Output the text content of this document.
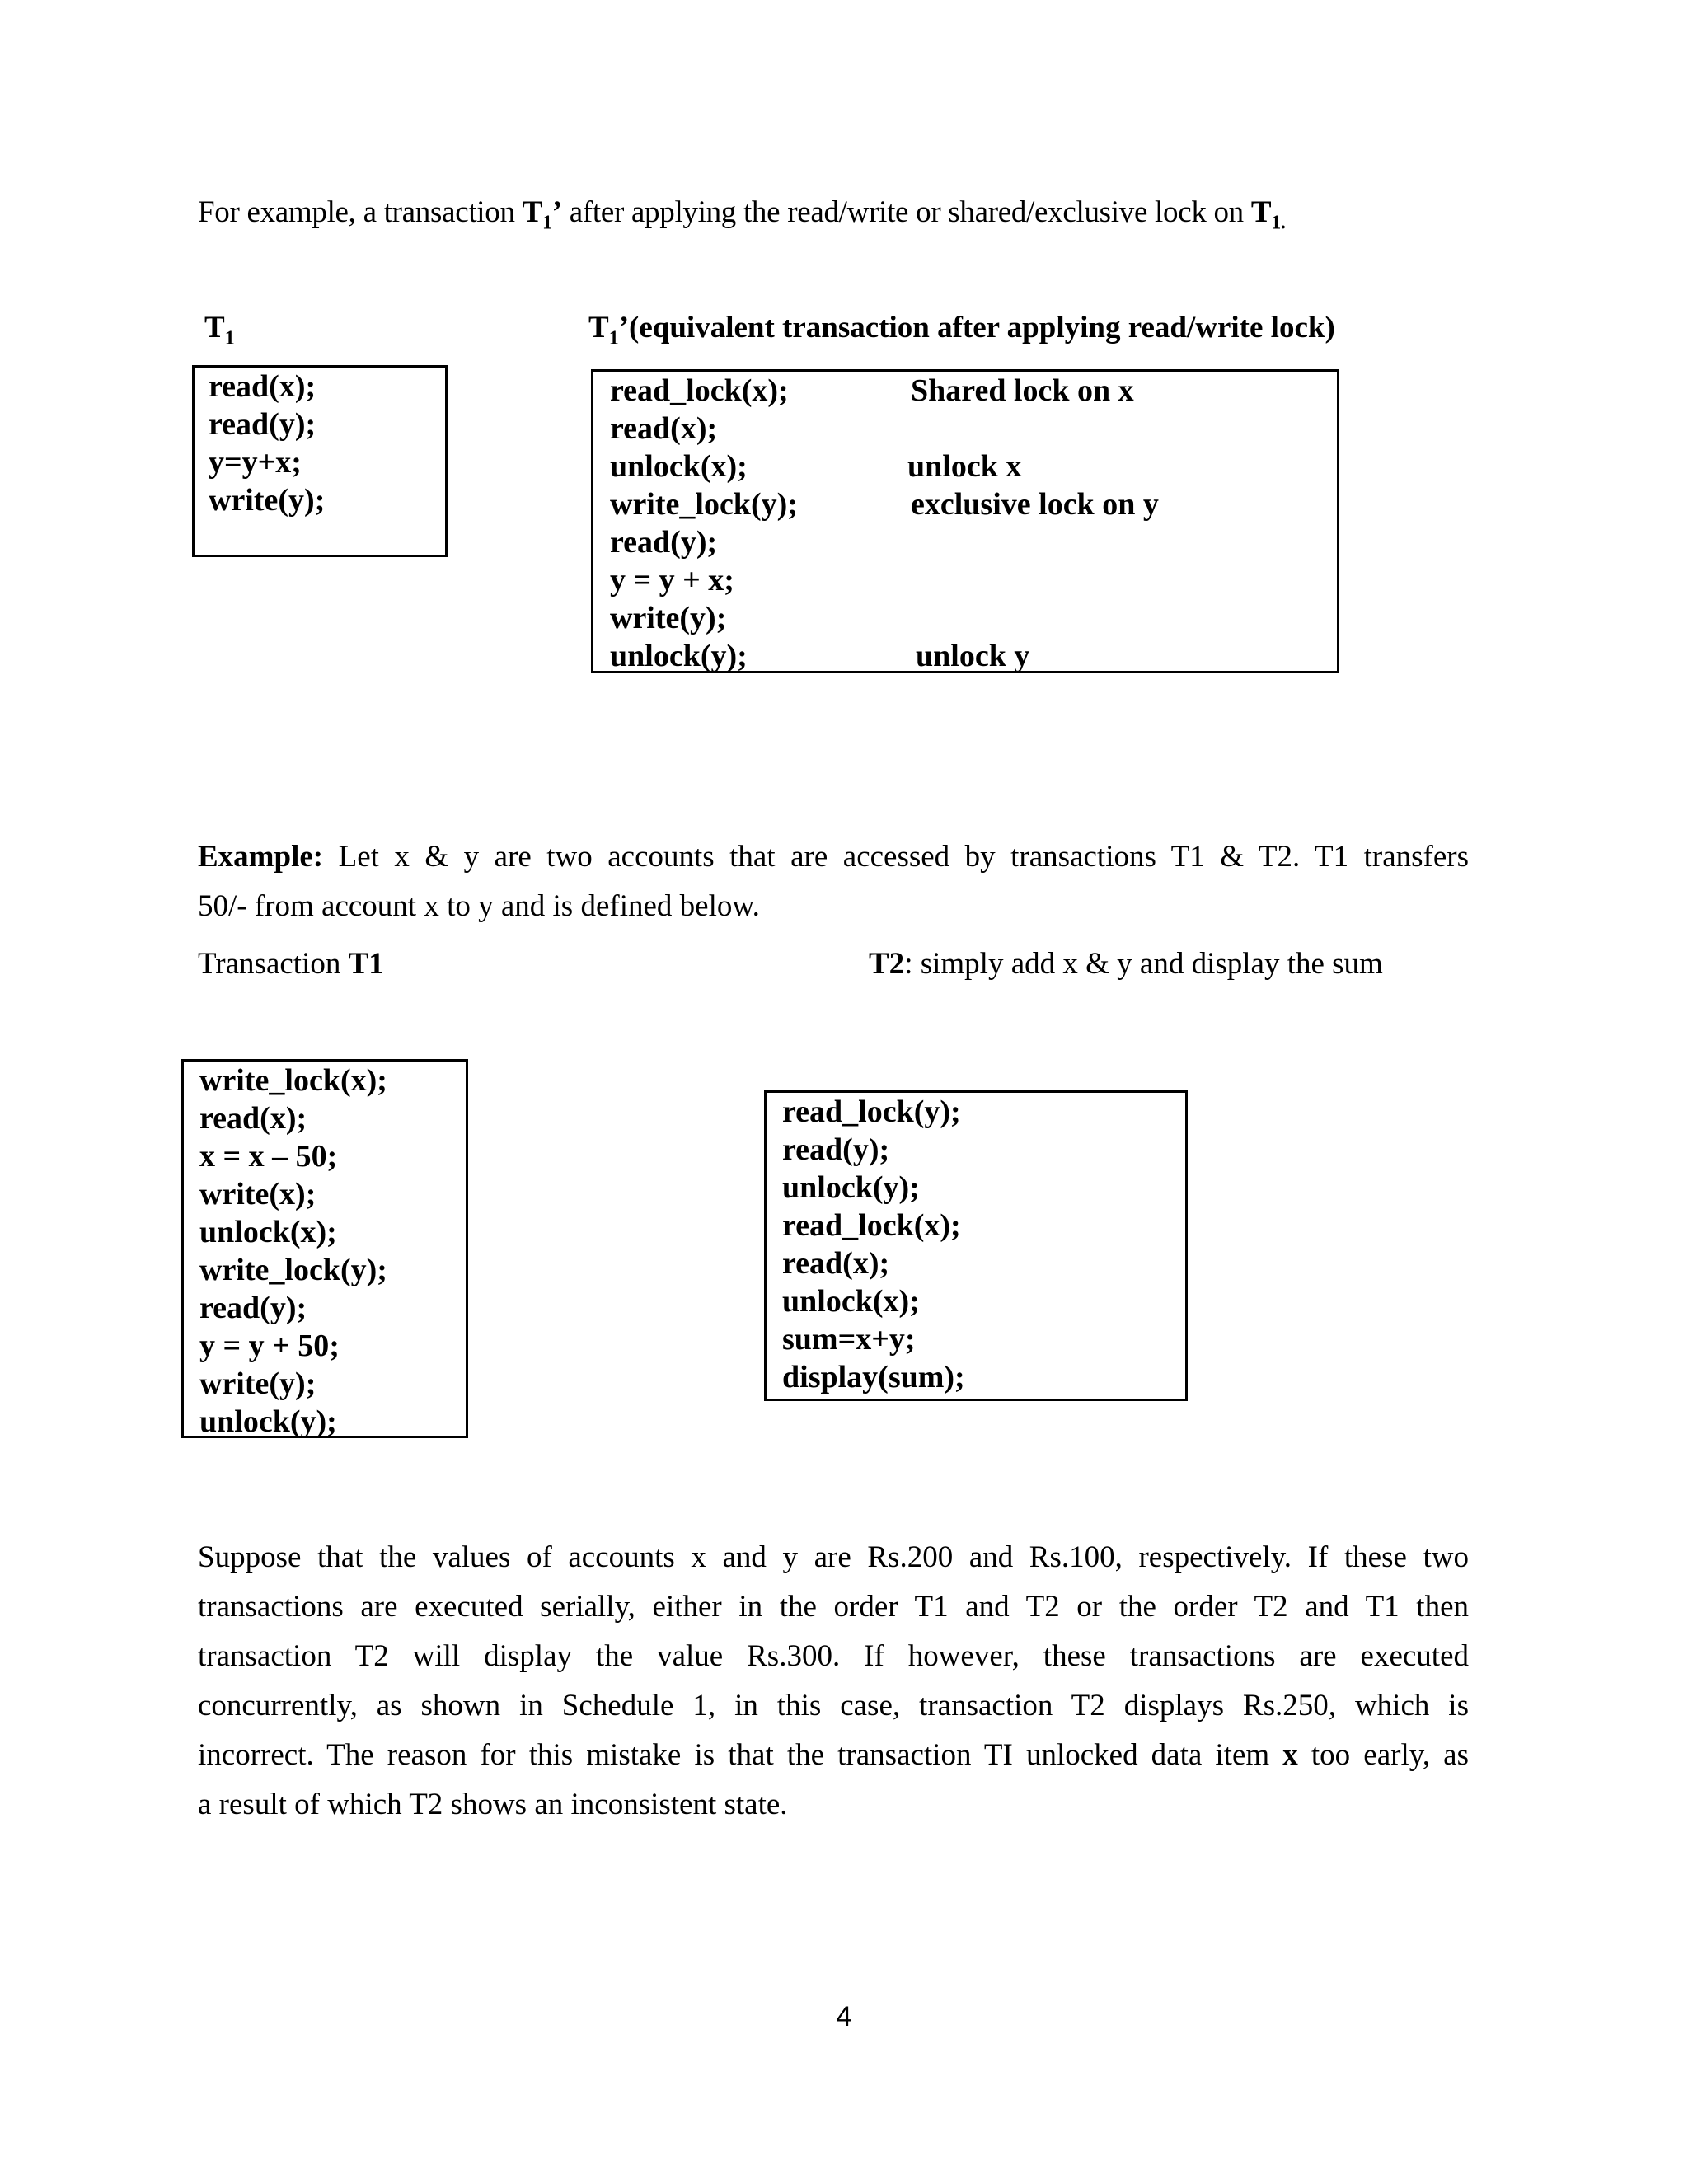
For example, a transaction $T_1$’ after applying the read/write or shared/exclusive lock on $T_{1.}$
$T_1$	$T_1’(equivalent$ transaction after applying read/write lock)
read(x);
read(y);
y=y+x;
write(y);
read_lock(x);	Shared lock on x
read(x);
unlock(x);	unlock x
write_lock(y);	exclusive lock on y
read(y);
y = y + x;
write(y);
unlock(y);	unlock y
Example: Let x & y are two accounts that are accessed by transactions T1 & T2. T1 transfers
50/- from account x to y and is defined below.
Transaction T1	T2: simply add x & y and display the sum
write_lock(x);
read(x);
x = x – 50;
write(x);
unlock(x);
write_lock(y);
read(y);
y = y + 50;
write(y);
unlock(y);
read_lock(y);
read(y);
unlock(y);
read_lock(x);
read(x);
unlock(x);
sum=x+y;
display(sum);
Suppose that the values of accounts x and y are Rs.200 and Rs.100, respectively. If these two
transactions are executed serially, either in the order T1 and T2 or the order T2 and T1 then
transaction T2 will display the value Rs.300. If however, these transactions are executed
concurrently, as shown in Schedule 1, in this case, transaction T2 displays Rs.250, which is
incorrect. The reason for this mistake is that the transaction TI unlocked data item x too early, as
a result of which T2 shows an inconsistent state.
4
